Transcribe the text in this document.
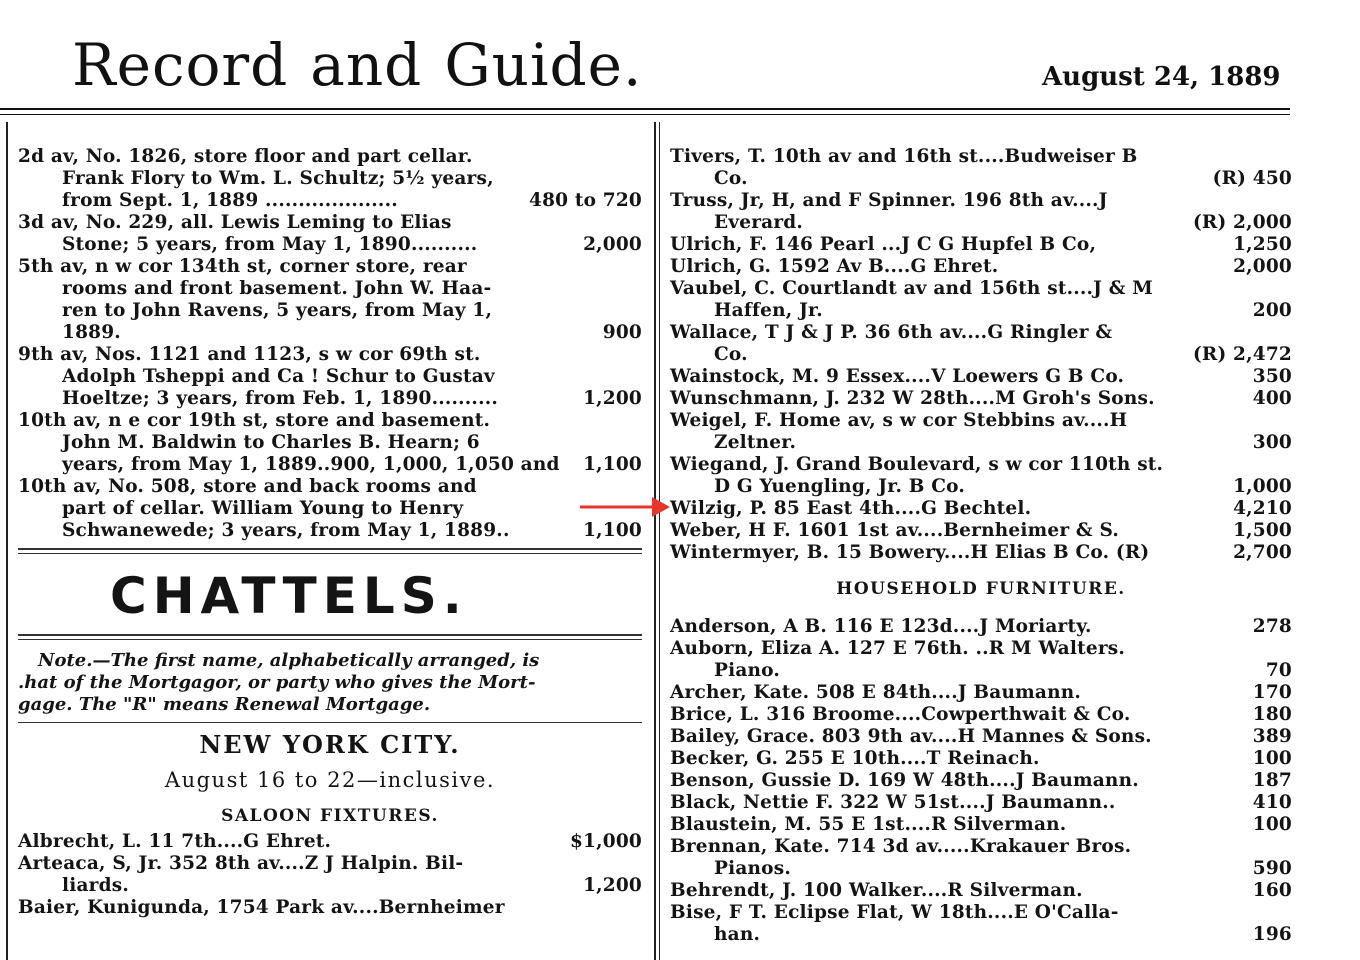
Record and Guide.	August 24, 1889
2d av, No. 1826, store floor and part cellar.
Frank Flory to Wm. L. Schultz; 5½ years,
from Sept. 1, 1889 ....................	480 to 720
3d av, No. 229, all. Lewis Leming to Elias
Stone; 5 years, from May 1, 1890..........	2,000
5th av, n w cor 134th st, corner store, rear
rooms and front basement. John W. Haa-
ren to John Ravens, 5 years, from May 1,
1889.	900
9th av, Nos. 1121 and 1123, s w cor 69th st.
Adolph Tsheppi and Ca ! Schur to Gustav
Hoeltze; 3 years, from Feb. 1, 1890..........	1,200
10th av, n e cor 19th st, store and basement.
John M. Baldwin to Charles B. Hearn; 6
years, from May 1, 1889..900, 1,000, 1,050 and 1,100
10th av, No. 508, store and back rooms and
part of cellar. William Young to Henry
Schwanewede; 3 years, from May 1, 1889..	1,100
CHATTELS.
Note.—The first name, alphabetically arranged, is
.hat of the Mortgagor, or party who gives the Mort-
gage. The "R" means Renewal Mortgage.
NEW YORK CITY.
August 16 to 22—inclusive.
SALOON FIXTURES.
Albrecht, L. 11 7th....G Ehret.	$1,000
Arteaca, S, Jr. 352 8th av....Z J Halpin. Bil-
liards.	1,200
Baier, Kunigunda, 1754 Park av....Bernheimer
Tivers, T. 10th av and 16th st....Budweiser B
Co.	(R) 450
Truss, Jr, H, and F Spinner. 196 8th av....J
Everard.	(R) 2,000
Ulrich, F. 146 Pearl ...J C G Hupfel B Co,	1,250
Ulrich, G. 1592 Av B....G Ehret.	2,000
Vaubel, C. Courtlandt av and 156th st....J & M
Haffen, Jr.	200
Wallace, T J & J P. 36 6th av....G Ringler &
Co.	(R) 2,472
Wainstock, M. 9 Essex....V Loewers G B Co.	350
Wunschmann, J. 232 W 28th....M Groh's Sons.	400
Weigel, F. Home av, s w cor Stebbins av....H
Zeltner.	300
Wiegand, J. Grand Boulevard, s w cor 110th st.
D G Yuengling, Jr. B Co.	1,000
Wilzig, P. 85 East 4th....G Bechtel.	4,210
Weber, H F. 1601 1st av....Bernheimer & S.	1,500
Wintermyer, B. 15 Bowery....H Elias B Co. (R)	2,700
HOUSEHOLD FURNITURE.
Anderson, A B. 116 E 123d....J Moriarty.	278
Auborn, Eliza A. 127 E 76th. ..R M Walters.
Piano.	70
Archer, Kate. 508 E 84th....J Baumann.	170
Brice, L. 316 Broome....Cowperthwait & Co.	180
Bailey, Grace. 803 9th av....H Mannes & Sons.	389
Becker, G. 255 E 10th....T Reinach.	100
Benson, Gussie D. 169 W 48th....J Baumann.	187
Black, Nettie F. 322 W 51st....J Baumann..	410
Blaustein, M. 55 E 1st....R Silverman.	100
Brennan, Kate. 714 3d av.....Krakauer Bros.
Pianos.	590
Behrendt, J. 100 Walker....R Silverman.	160
Bise, F T. Eclipse Flat, W 18th....E O'Calla-
han.	196
